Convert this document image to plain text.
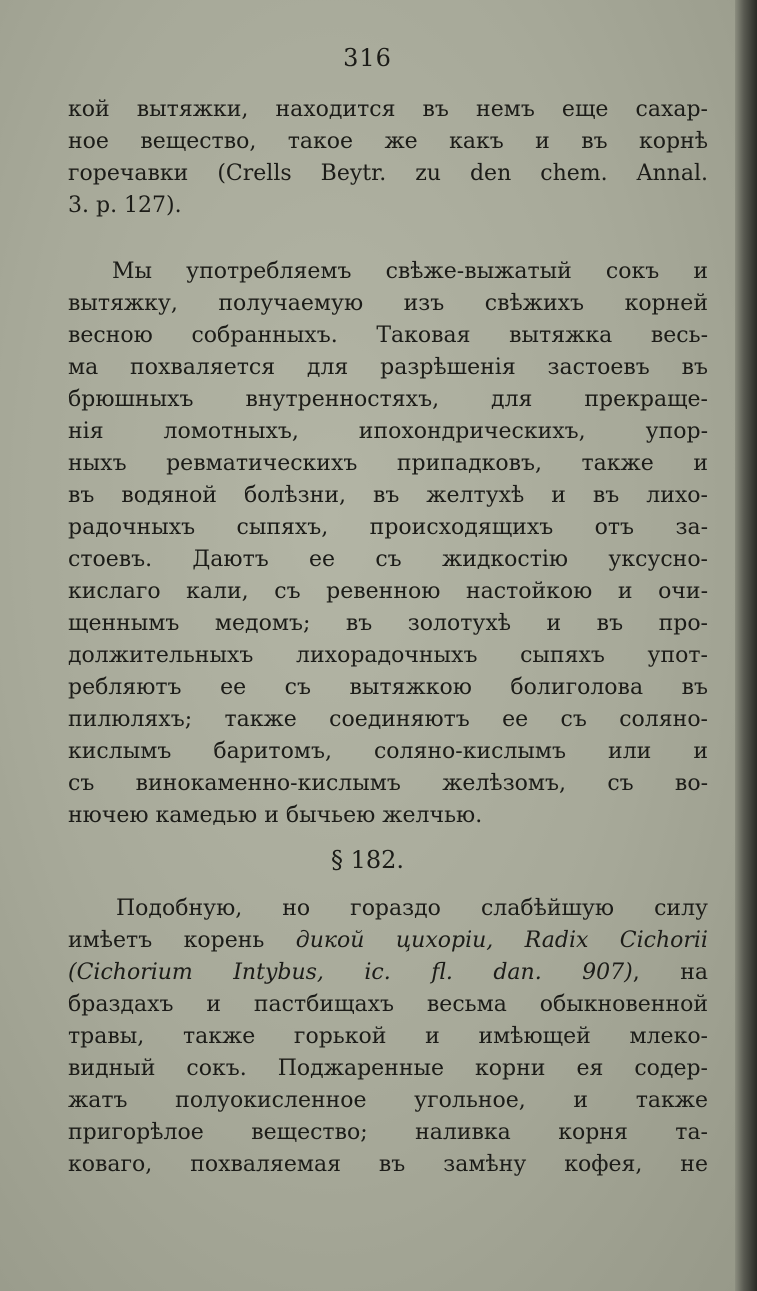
316
кой вытяжки, находится въ немъ еще сахар-
ное вещество, такое же какъ и въ корнѣ
горечавки (Crells Beytr. zu den chem. Annal.
3. p. 127).
Мы употребляемъ свѣже-выжатый сокъ и
вытяжку, получаемую изъ свѣжихъ корней
весною собранныхъ. Таковая вытяжка весь-
ма похваляется для разрѣшенія застоевъ въ
брюшныхъ внутренностяхъ, для прекраще-
нія ломотныхъ, ипохондрическихъ, упор-
ныхъ ревматическихъ припадковъ, также и
въ водяной болѣзни, въ желтухѣ и въ лихо-
радочныхъ сыпяхъ, происходящихъ отъ за-
стоевъ. Даютъ ее съ жидкостію уксусно-
кислаго кали, съ ревенною настойкою и очи-
щеннымъ медомъ; въ золотухѣ и въ про-
должительныхъ лихорадочныхъ сыпяхъ упот-
ребляютъ ее съ вытяжкою болиголова въ
пилюляхъ; также соединяютъ ее съ соляно-
кислымъ баритомъ, соляно-кислымъ или и
съ винокаменно-кислымъ желѣзомъ, съ во-
нючею камедью и бычьею желчью.
§ 182.
Подобную, но гораздо слабѣйшую силу
имѣетъ корень дикой цихоріи, Radix Cichorii
(Cichorium Intybus, ic. fl. dan. 907), на
браздахъ и пастбищахъ весьма обыкновенной
травы, также горькой и имѣющей млеко-
видный сокъ. Поджаренные корни ея содер-
жатъ полуокисленное угольное, и также
пригорѣлое вещество; наливка корня та-
коваго, похваляемая въ замѣну кофея, не
